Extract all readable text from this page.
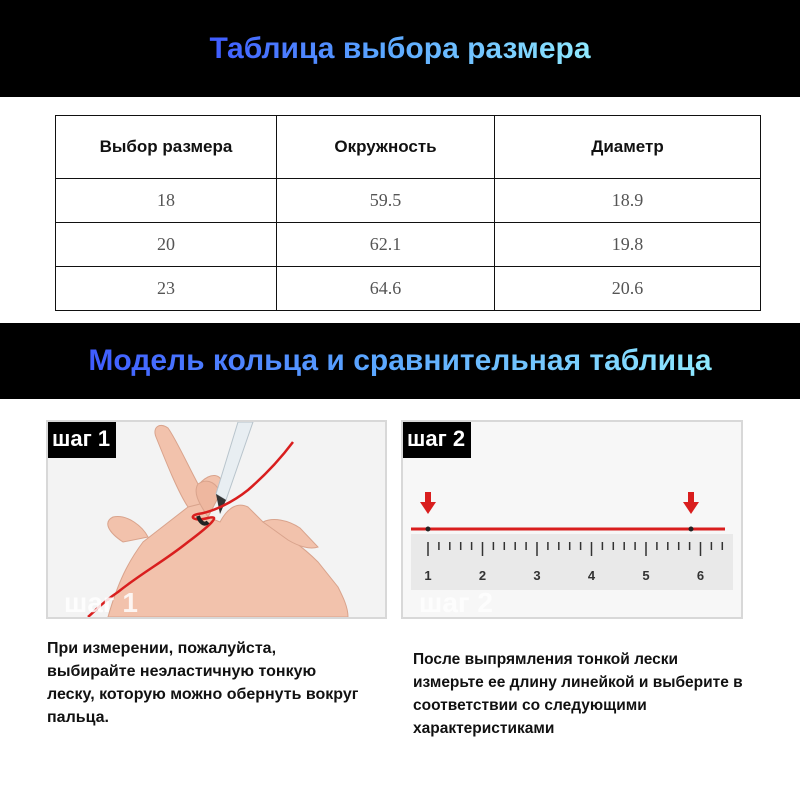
Таблица выбора размера
Выбор размера	Окружность	Диаметр
18	59.5	18.9
20	62.1	19.8
23	64.6	20.6
Модель кольца и сравнительная таблица
шаг 1
шаг 1
1	2	3	4	5	6
шаг 2
шаг 2

При измерении, пожалуйста, выбирайте неэластичную тонкую леску, которую можно обернуть вокруг пальца.

После выпрямления тонкой лески измерьте ее длину линейкой и выберите в соответствии со следующими характеристиками
